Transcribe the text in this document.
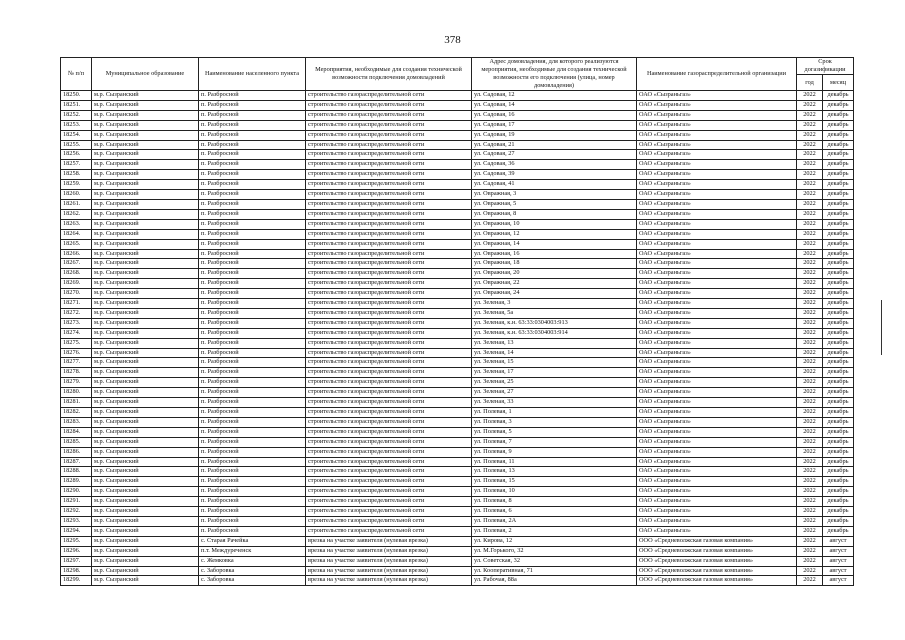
378
№ п/п	Муниципальное образование	Наименование населенного пункта	Мероприятия, необходимые для создания технической возможности подключения домовладений	Адрес домовладения, для которого реализуются мероприятия, необходимые для создания технической возможности его подключения (улица, номер домовладения)	Наименование газораспределительной организации	Срок догазификации	
						год	месяц
18250.	м.р. Сызранский	п. Разбросной	строительство газораспределительной сети	ул. Садовая, 12	ОАО «Сызраньгаз»	2022	декабрь
18251.	м.р. Сызранский	п. Разбросной	строительство газораспределительной сети	ул. Садовая, 14	ОАО «Сызраньгаз»	2022	декабрь
18252.	м.р. Сызранский	п. Разбросной	строительство газораспределительной сети	ул. Садовая, 16	ОАО «Сызраньгаз»	2022	декабрь
18253.	м.р. Сызранский	п. Разбросной	строительство газораспределительной сети	ул. Садовая, 17	ОАО «Сызраньгаз»	2022	декабрь
18254.	м.р. Сызранский	п. Разбросной	строительство газораспределительной сети	ул. Садовая, 19	ОАО «Сызраньгаз»	2022	декабрь
18255.	м.р. Сызранский	п. Разбросной	строительство газораспределительной сети	ул. Садовая, 21	ОАО «Сызраньгаз»	2022	декабрь
18256.	м.р. Сызранский	п. Разбросной	строительство газораспределительной сети	ул. Садовая, 27	ОАО «Сызраньгаз»	2022	декабрь
18257.	м.р. Сызранский	п. Разбросной	строительство газораспределительной сети	ул. Садовая, 36	ОАО «Сызраньгаз»	2022	декабрь
18258.	м.р. Сызранский	п. Разбросной	строительство газораспределительной сети	ул. Садовая, 39	ОАО «Сызраньгаз»	2022	декабрь
18259.	м.р. Сызранский	п. Разбросной	строительство газораспределительной сети	ул. Садовая, 41	ОАО «Сызраньгаз»	2022	декабрь
18260.	м.р. Сызранский	п. Разбросной	строительство газораспределительной сети	ул. Овражная, 3	ОАО «Сызраньгаз»	2022	декабрь
18261.	м.р. Сызранский	п. Разбросной	строительство газораспределительной сети	ул. Овражная, 5	ОАО «Сызраньгаз»	2022	декабрь
18262.	м.р. Сызранский	п. Разбросной	строительство газораспределительной сети	ул. Овражная, 8	ОАО «Сызраньгаз»	2022	декабрь
18263.	м.р. Сызранский	п. Разбросной	строительство газораспределительной сети	ул. Овражная, 10	ОАО «Сызраньгаз»	2022	декабрь
18264.	м.р. Сызранский	п. Разбросной	строительство газораспределительной сети	ул. Овражная, 12	ОАО «Сызраньгаз»	2022	декабрь
18265.	м.р. Сызранский	п. Разбросной	строительство газораспределительной сети	ул. Овражная, 14	ОАО «Сызраньгаз»	2022	декабрь
18266.	м.р. Сызранский	п. Разбросной	строительство газораспределительной сети	ул. Овражная, 16	ОАО «Сызраньгаз»	2022	декабрь
18267.	м.р. Сызранский	п. Разбросной	строительство газораспределительной сети	ул. Овражная, 18	ОАО «Сызраньгаз»	2022	декабрь
18268.	м.р. Сызранский	п. Разбросной	строительство газораспределительной сети	ул. Овражная, 20	ОАО «Сызраньгаз»	2022	декабрь
18269.	м.р. Сызранский	п. Разбросной	строительство газораспределительной сети	ул. Овражная, 22	ОАО «Сызраньгаз»	2022	декабрь
18270.	м.р. Сызранский	п. Разбросной	строительство газораспределительной сети	ул. Овражная, 24	ОАО «Сызраньгаз»	2022	декабрь
18271.	м.р. Сызранский	п. Разбросной	строительство газораспределительной сети	ул. Зеленая, 3	ОАО «Сызраньгаз»	2022	декабрь
18272.	м.р. Сызранский	п. Разбросной	строительство газораспределительной сети	ул. Зеленая, 5а	ОАО «Сызраньгаз»	2022	декабрь
18273.	м.р. Сызранский	п. Разбросной	строительство газораспределительной сети	ул. Зеленая, к.н. 63:33:0304003:913	ОАО «Сызраньгаз»	2022	декабрь
18274.	м.р. Сызранский	п. Разбросной	строительство газораспределительной сети	ул. Зеленая, к.н. 63:33:0304003:914	ОАО «Сызраньгаз»	2022	декабрь
18275.	м.р. Сызранский	п. Разбросной	строительство газораспределительной сети	ул. Зеленая, 13	ОАО «Сызраньгаз»	2022	декабрь
18276.	м.р. Сызранский	п. Разбросной	строительство газораспределительной сети	ул. Зеленая, 14	ОАО «Сызраньгаз»	2022	декабрь
18277.	м.р. Сызранский	п. Разбросной	строительство газораспределительной сети	ул. Зеленая, 15	ОАО «Сызраньгаз»	2022	декабрь
18278.	м.р. Сызранский	п. Разбросной	строительство газораспределительной сети	ул. Зеленая, 17	ОАО «Сызраньгаз»	2022	декабрь
18279.	м.р. Сызранский	п. Разбросной	строительство газораспределительной сети	ул. Зеленая, 25	ОАО «Сызраньгаз»	2022	декабрь
18280.	м.р. Сызранский	п. Разбросной	строительство газораспределительной сети	ул. Зеленая, 27	ОАО «Сызраньгаз»	2022	декабрь
18281.	м.р. Сызранский	п. Разбросной	строительство газораспределительной сети	ул. Зеленая, 33	ОАО «Сызраньгаз»	2022	декабрь
18282.	м.р. Сызранский	п. Разбросной	строительство газораспределительной сети	ул. Полевая, 1	ОАО «Сызраньгаз»	2022	декабрь
18283.	м.р. Сызранский	п. Разбросной	строительство газораспределительной сети	ул. Полевая, 3	ОАО «Сызраньгаз»	2022	декабрь
18284.	м.р. Сызранский	п. Разбросной	строительство газораспределительной сети	ул. Полевая, 5	ОАО «Сызраньгаз»	2022	декабрь
18285.	м.р. Сызранский	п. Разбросной	строительство газораспределительной сети	ул. Полевая, 7	ОАО «Сызраньгаз»	2022	декабрь
18286.	м.р. Сызранский	п. Разбросной	строительство газораспределительной сети	ул. Полевая, 9	ОАО «Сызраньгаз»	2022	декабрь
18287.	м.р. Сызранский	п. Разбросной	строительство газораспределительной сети	ул. Полевая, 11	ОАО «Сызраньгаз»	2022	декабрь
18288.	м.р. Сызранский	п. Разбросной	строительство газораспределительной сети	ул. Полевая, 13	ОАО «Сызраньгаз»	2022	декабрь
18289.	м.р. Сызранский	п. Разбросной	строительство газораспределительной сети	ул. Полевая, 15	ОАО «Сызраньгаз»	2022	декабрь
18290.	м.р. Сызранский	п. Разбросной	строительство газораспределительной сети	ул. Полевая, 10	ОАО «Сызраньгаз»	2022	декабрь
18291.	м.р. Сызранский	п. Разбросной	строительство газораспределительной сети	ул. Полевая, 8	ОАО «Сызраньгаз»	2022	декабрь
18292.	м.р. Сызранский	п. Разбросной	строительство газораспределительной сети	ул. Полевая, 6	ОАО «Сызраньгаз»	2022	декабрь
18293.	м.р. Сызранский	п. Разбросной	строительство газораспределительной сети	ул. Полевая, 2А	ОАО «Сызраньгаз»	2022	декабрь
18294.	м.р. Сызранский	п. Разбросной	строительство газораспределительной сети	ул. Полевая, 2	ОАО «Сызраньгаз»	2022	декабрь
18295.	м.р. Сызранский	с. Старая Рачейка	врезка на участке заявителя (нулевая врезка)	ул. Кирова, 12	ООО «Средневолжская газовая компания»	2022	август
18296.	м.р. Сызранский	п.т. Междуреченск	врезка на участке заявителя (нулевая врезка)	ул. М.Горького, 32	ООО «Средневолжская газовая компания»	2022	август
18297.	м.р. Сызранский	с. Жемковка	врезка на участке заявителя (нулевая врезка)	ул. Советская, 32	ООО «Средневолжская газовая компания»	2022	август
18298.	м.р. Сызранский	с. Заборовка	врезка на участке заявителя (нулевая врезка)	ул. Кооперативная, 71	ООО «Средневолжская газовая компания»	2022	август
18299.	м.р. Сызранский	с. Заборовка	врезка на участке заявителя (нулевая врезка)	ул. Рабочая, 88а	ООО «Средневолжская газовая компания»	2022	август
